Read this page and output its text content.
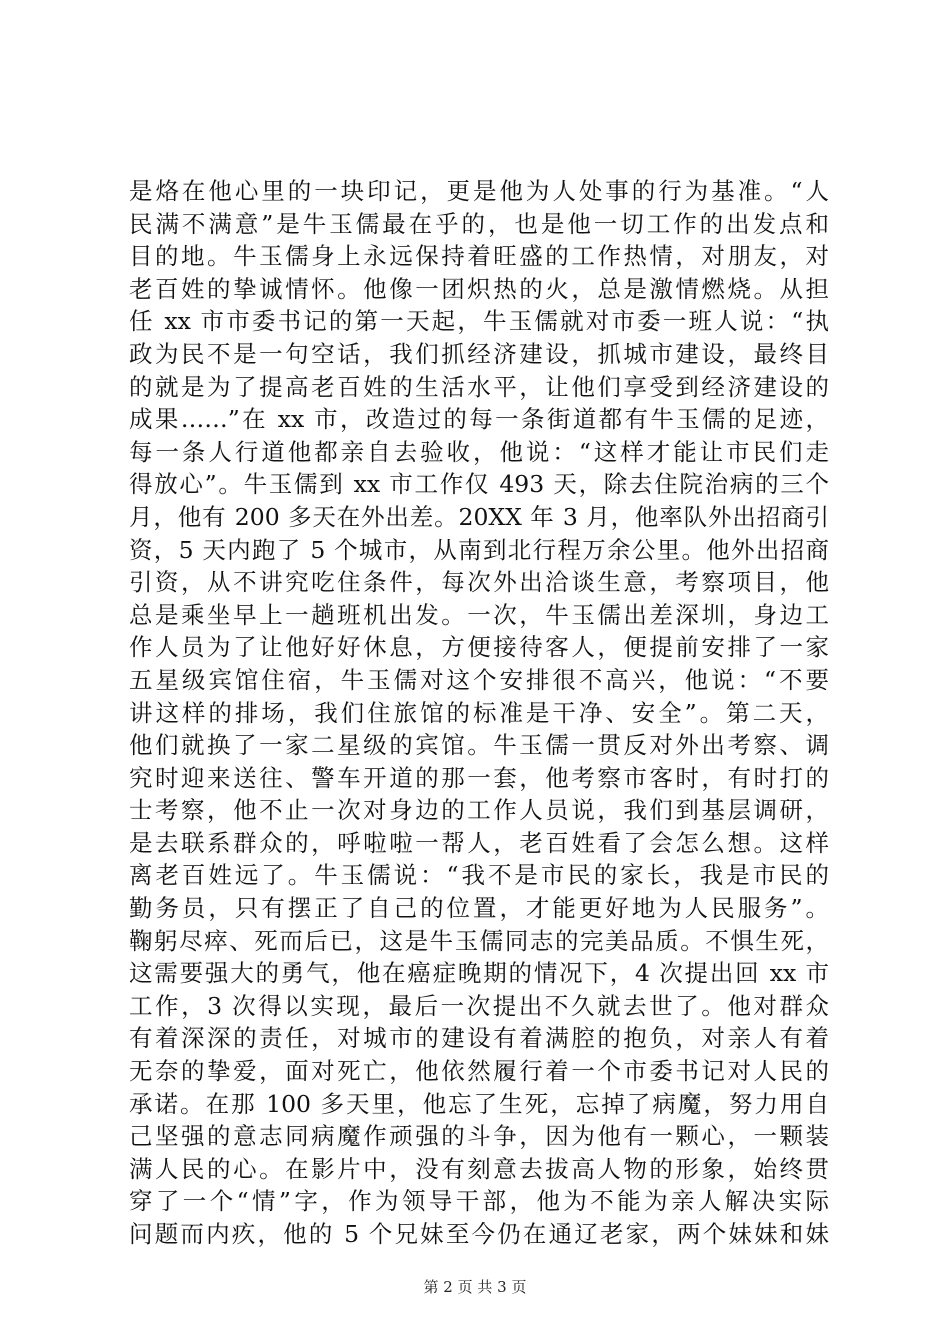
是烙在他心里的一块印记，更是他为人处事的行为基准。“人
民满不满意”是牛玉儒最在乎的，也是他一切工作的出发点和
目的地。牛玉儒身上永远保持着旺盛的工作热情，对朋友，对
老百姓的挚诚情怀。他像一团炽热的火，总是激情燃烧。从担
任 xx 市市委书记的第一天起，牛玉儒就对市委一班人说：“执
政为民不是一句空话，我们抓经济建设，抓城市建设，最终目
的就是为了提高老百姓的生活水平，让他们享受到经济建设的
成果……”在 xx 市，改造过的每一条街道都有牛玉儒的足迹，
每一条人行道他都亲自去验收，他说：“这样才能让市民们走
得放心”。牛玉儒到 xx 市工作仅 493 天，除去住院治病的三个
月，他有 200 多天在外出差。20XX 年 3 月，他率队外出招商引
资，5 天内跑了 5 个城市，从南到北行程万余公里。他外出招商
引资，从不讲究吃住条件，每次外出洽谈生意，考察项目，他
总是乘坐早上一趟班机出发。一次，牛玉儒出差深圳，身边工
作人员为了让他好好休息，方便接待客人，便提前安排了一家
五星级宾馆住宿，牛玉儒对这个安排很不高兴，他说：“不要
讲这样的排场，我们住旅馆的标准是干净、安全”。第二天，
他们就换了一家二星级的宾馆。牛玉儒一贯反对外出考察、调
究时迎来送往、警车开道的那一套，他考察市客时，有时打的
士考察，他不止一次对身边的工作人员说，我们到基层调研，
是去联系群众的，呼啦啦一帮人，老百姓看了会怎么想。这样
离老百姓远了。牛玉儒说：“我不是市民的家长，我是市民的
勤务员，只有摆正了自己的位置，才能更好地为人民服务”。
鞠躬尽瘁、死而后已，这是牛玉儒同志的完美品质。不惧生死，
这需要强大的勇气，他在癌症晚期的情况下，4 次提出回 xx 市
工作，3 次得以实现，最后一次提出不久就去世了。他对群众
有着深深的责任，对城市的建设有着满腔的抱负，对亲人有着
无奈的挚爱，面对死亡，他依然履行着一个市委书记对人民的
承诺。在那 100 多天里，他忘了生死，忘掉了病魔，努力用自
己坚强的意志同病魔作顽强的斗争，因为他有一颗心，一颗装
满人民的心。在影片中，没有刻意去拔高人物的形象，始终贯
穿了一个“情”字，作为领导干部，他为不能为亲人解决实际
问题而内疚，他的 5 个兄妹至今仍在通辽老家，两个妹妹和妹
第 2 页 共 3 页
